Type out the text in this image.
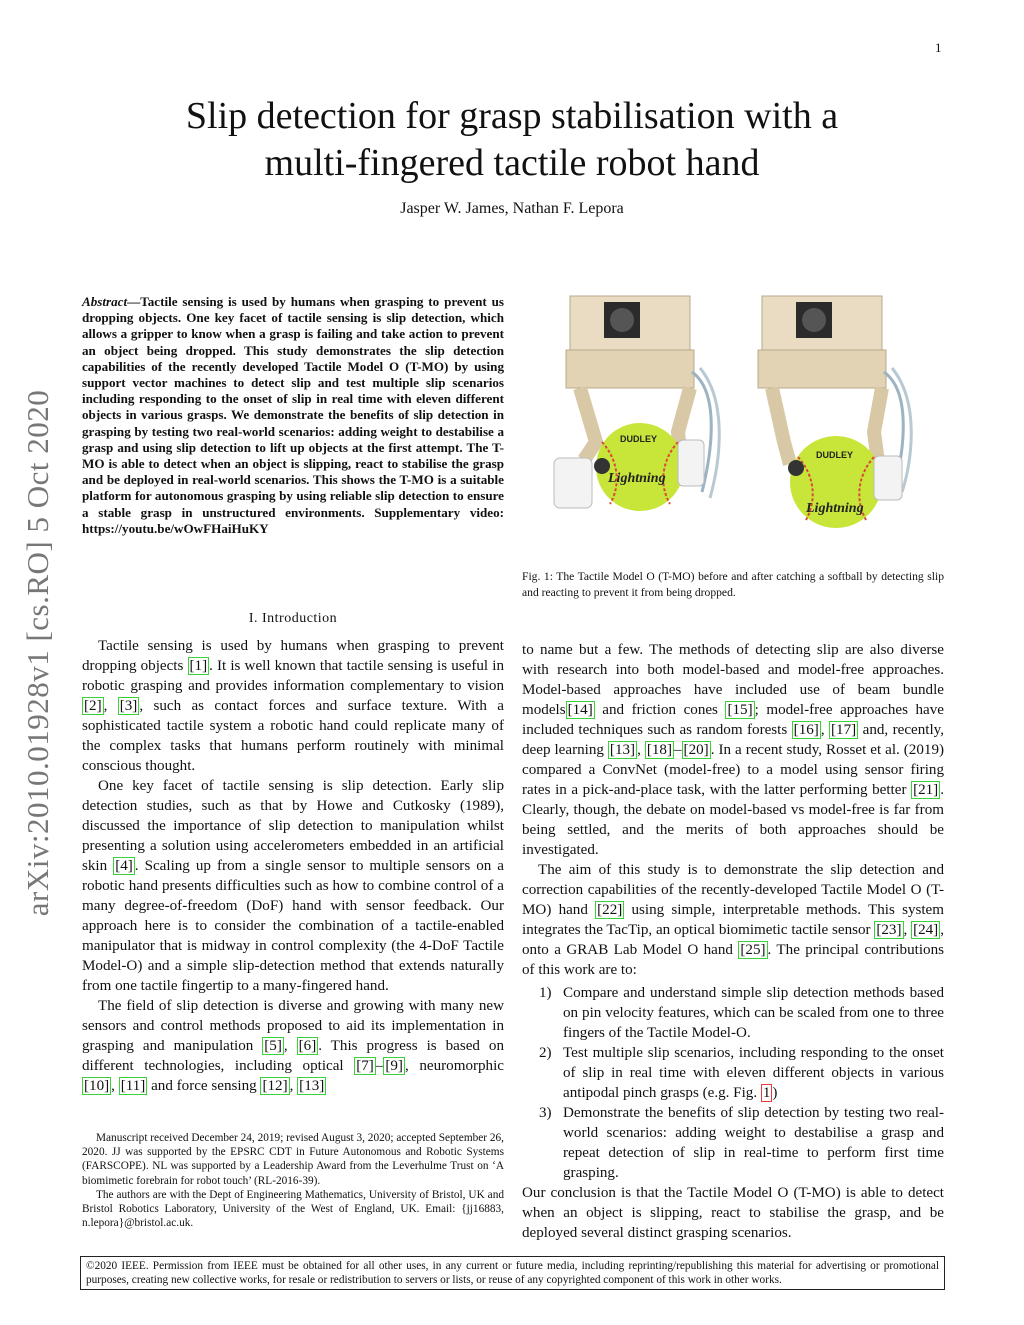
1
Slip detection for grasp stabilisation with a
multi-fingered tactile robot hand
Jasper W. James, Nathan F. Lepora
arXiv:2010.01928v1 [cs.RO] 5 Oct 2020
Abstract—Tactile sensing is used by humans when grasping to prevent us dropping objects. One key facet of tactile sensing is slip detection, which allows a gripper to know when a grasp is failing and take action to prevent an object being dropped. This study demonstrates the slip detection capabilities of the recently developed Tactile Model O (T-MO) by using support vector machines to detect slip and test multiple slip scenarios including responding to the onset of slip in real time with eleven different objects in various grasps. We demonstrate the benefits of slip detection in grasping by testing two real-world scenarios: adding weight to destabilise a grasp and using slip detection to lift up objects at the first attempt. The T-MO is able to detect when an object is slipping, react to stabilise the grasp and be deployed in real-world scenarios. This shows the T-MO is a suitable platform for autonomous grasping by using reliable slip detection to ensure a stable grasp in unstructured environments. Supplementary video: https://youtu.be/wOwFHaiHuKY
DUDLEY
Lightning
DUDLEY
Lightning
Fig. 1: The Tactile Model O (T-MO) before and after catching a softball by detecting slip and reacting to prevent it from being dropped.
I. Introduction

Tactile sensing is used by humans when grasping to prevent dropping objects [1] . It is well known that tactile sensing is useful in robotic grasping and provides information complementary to vision [2] , [3] , such as contact forces and surface texture. With a sophisticated tactile system a robotic hand could replicate many of the complex tasks that humans perform routinely with minimal conscious thought.

One key facet of tactile sensing is slip detection. Early slip detection studies, such as that by Howe and Cutkosky (1989), discussed the importance of slip detection to manipulation whilst presenting a solution using accelerometers embedded in an artificial skin [4] . Scaling up from a single sensor to multiple sensors on a robotic hand presents difficulties such as how to combine control of a many degree-of-freedom (DoF) hand with sensor feedback. Our approach here is to consider the combination of a tactile-enabled manipulator that is midway in control complexity (the 4-DoF Tactile Model-O) and a simple slip-detection method that extends naturally from one tactile fingertip to a many-fingered hand.

The field of slip detection is diverse and growing with many new sensors and control methods proposed to aid its implementation in grasping and manipulation [5] , [6] . This progress is based on different technologies, including optical [7] – [9] , neuromorphic [10] , [11] and force sensing [12] , [13]

Manuscript received December 24, 2019; revised August 3, 2020; accepted September 26, 2020. JJ was supported by the EPSRC CDT in Future Autonomous and Robotic Systems (FARSCOPE). NL was supported by a Leadership Award from the Leverhulme Trust on ‘A biomimetic forebrain for robot touch’ (RL-2016-39).

The authors are with the Dept of Engineering Mathematics, University of Bristol, UK and Bristol Robotics Laboratory, University of the West of England, UK. Email: {jj16883, n.lepora}@bristol.ac.uk.

to name but a few. The methods of detecting slip are also diverse with research into both model-based and model-free approaches. Model-based approaches have included use of beam bundle models [14] and friction cones [15] ; model-free approaches have included techniques such as random forests [16] , [17] and, recently, deep learning [13] , [18] – [20] . In a recent study, Rosset et al. (2019) compared a ConvNet (model-free) to a model using sensor firing rates in a pick-and-place task, with the latter performing better [21] . Clearly, though, the debate on model-based vs model-free is far from being settled, and the merits of both approaches should be investigated.

The aim of this study is to demonstrate the slip detection and correction capabilities of the recently-developed Tactile Model O (T-MO) hand [22] using simple, interpretable methods. This system integrates the TacTip, an optical biomimetic tactile sensor [23] , [24] , onto a GRAB Lab Model O hand [25] . The principal contributions of this work are to:

1) Compare and understand simple slip detection methods based on pin velocity features, which can be scaled from one to three fingers of the Tactile Model-O.
2) Test multiple slip scenarios, including responding to the onset of slip in real time with eleven different objects in various antipodal pinch grasps (e.g. Fig. 1 )
3) Demonstrate the benefits of slip detection by testing two real-world scenarios: adding weight to destabilise a grasp and repeat detection of slip in real-time to perform first time grasping.

Our conclusion is that the Tactile Model O (T-MO) is able to detect when an object is slipping, react to stabilise the grasp, and be deployed several distinct grasping scenarios.

©2020 IEEE. Permission from IEEE must be obtained for all other uses, in any current or future media, including reprinting/republishing this material for advertising or promotional purposes, creating new collective works, for resale or redistribution to servers or lists, or reuse of any copyrighted component of this work in other works.
